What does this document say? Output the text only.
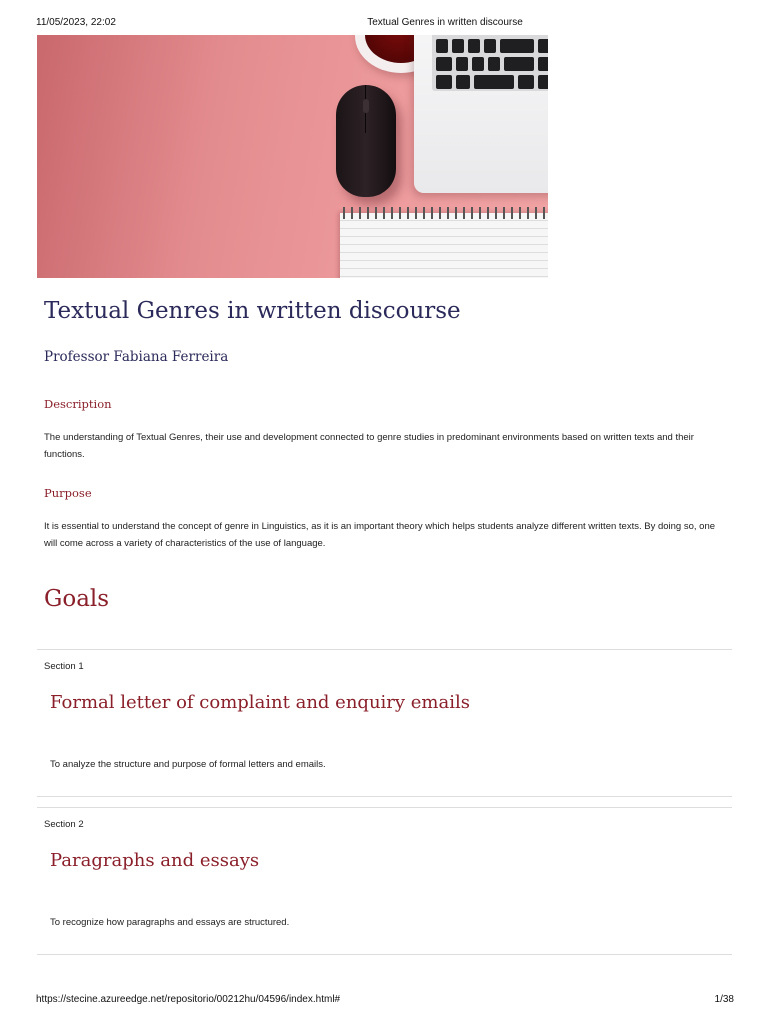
11/05/2023, 22:02	Textual Genres in written discourse
Textual Genres in written discourse
Professor Fabiana Ferreira
Description
The understanding of Textual Genres, their use and development connected to genre studies in predominant environments based on written texts and their functions.
Purpose
It is essential to understand the concept of genre in Linguistics, as it is an important theory which helps students analyze different written texts. By doing so, one will come across a variety of characteristics of the use of language.
Goals
Section 1
Formal letter of complaint and enquiry emails
To analyze the structure and purpose of formal letters and emails.
Section 2
Paragraphs and essays
To recognize how paragraphs and essays are structured.
https://stecine.azureedge.net/repositorio/00212hu/04596/index.html#	1/38
